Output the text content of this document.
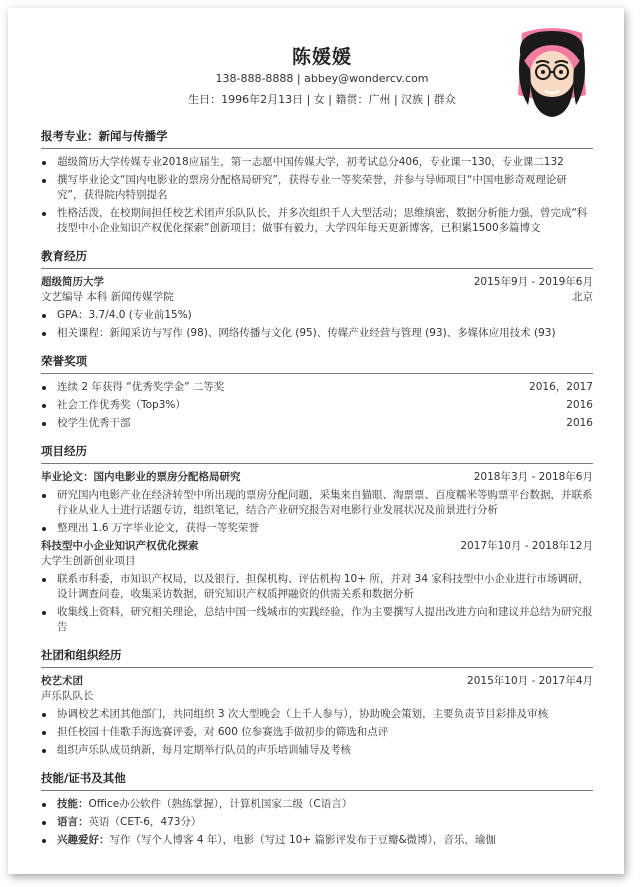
陈媛媛
138-888-8888 | abbey@wondercv.com
生日：1996年2月13日 | 女 | 籍贯：广州 | 汉族 | 群众
报考专业：新闻与传播学
超级简历大学传媒专业2018应届生，第一志愿中国传媒大学，初考试总分406，专业课一130，专业课二132
撰写毕业论文“国内电影业的票房分配格局研究”，获得专业一等奖荣誉，并参与导师项目“中国电影奇观理论研究”，获得院内特别提名
性格活泼，在校期间担任校艺术团声乐队队长，并多次组织千人大型活动；思维缜密，数据分析能力强，曾完成“科技型中小企业知识产权优化探索”创新项目；做事有毅力，大学四年每天更新博客，已积累1500多篇博文
教育经历
超级简历大学	2015年9月 - 2019年6月
文艺编导 本科 新闻传媒学院	北京
GPA：3.7/4.0 (专业前15%)
相关课程：新闻采访与写作 (98)、网络传播与文化 (95)、传媒产业经营与管理 (93)、多媒体应用技术 (93)
荣誉奖项
连续 2 年获得 “优秀奖学金” 二等奖	2016，2017
社会工作优秀奖（Top3%）	2016
校学生优秀干部	2016
项目经历
毕业论文：国内电影业的票房分配格局研究	2018年3月 - 2018年6月
研究国内电影产业在经济转型中所出现的票房分配问题，采集来自猫眼、淘票票、百度糯米等购票平台数据，并联系行业从业人士进行话题专访，组织笔记，结合产业研究报告对电影行业发展状况及前景进行分析
整理出 1.6 万字毕业论文，获得一等奖荣誉
科技型中小企业知识产权优化探索	2017年10月 - 2018年12月
大学生创新创业项目
联系市科委，市知识产权局，以及银行、担保机构、评估机构 10+ 所，并对 34 家科技型中小企业进行市场调研，设计调查问卷，收集采访数据，研究知识产权质押融资的供需关系和数据分析
收集线上资料，研究相关理论，总结中国一线城市的实践经验，作为主要撰写人提出改进方向和建议并总结为研究报告
社团和组织经历
校艺术团	2015年10月 - 2017年4月
声乐队队长
协调校艺术团其他部门，共同组织 3 次大型晚会（上千人参与），协助晚会策划，主要负责节目彩排及审核
担任校园十佳歌手海选赛评委，对 600 位参赛选手做初步的筛选和点评
组织声乐队成员纳新，每月定期举行队员的声乐培训辅导及考核
技能/证书及其他
技能：Office办公软件（熟练掌握），计算机国家二级（C语言）
语言：英语（CET-6，473分）
兴趣爱好：写作（写个人博客 4 年），电影（写过 10+ 篇影评发布于豆瓣&微博），音乐，瑜伽
